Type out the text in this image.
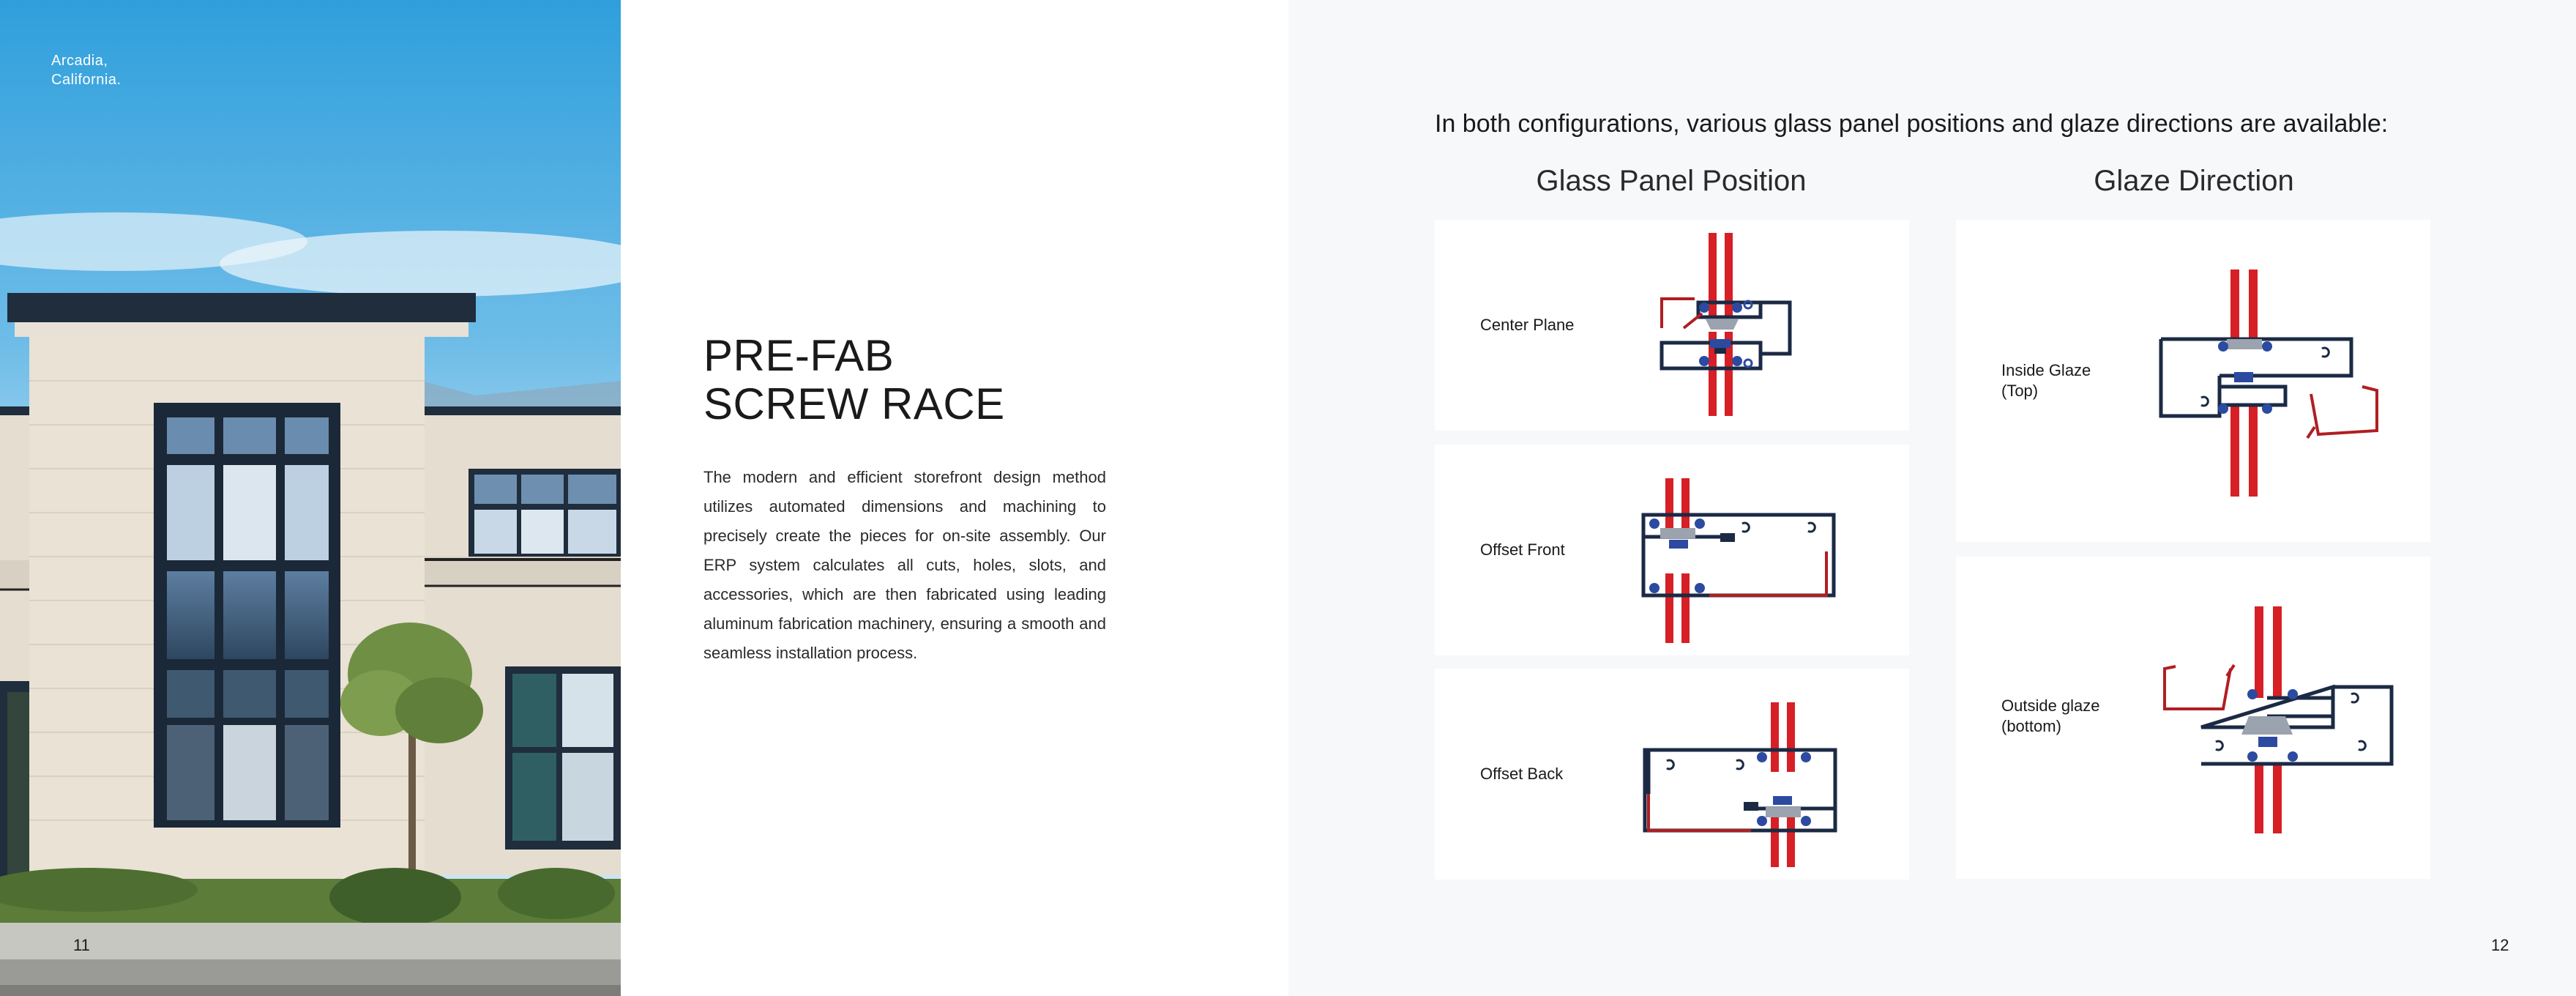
Arcadia,
California.
11
PRE-FAB
SCREW RACE

The modern and efficient storefront design method utilizes automated dimensions and machining to precisely create the pieces for on-site assembly. Our ERP system calculates all cuts, holes, slots, and accessories, which are then fabricated using leading aluminum fabrication machinery, ensuring a smooth and seamless installation process.

In both configurations, various glass panel positions and glaze directions are available:
Glass Panel Position	Glaze Direction
Center Plane
Offset Front
Offset Back
Inside Glaze
(Top)
Outside glaze
(bottom)
12
